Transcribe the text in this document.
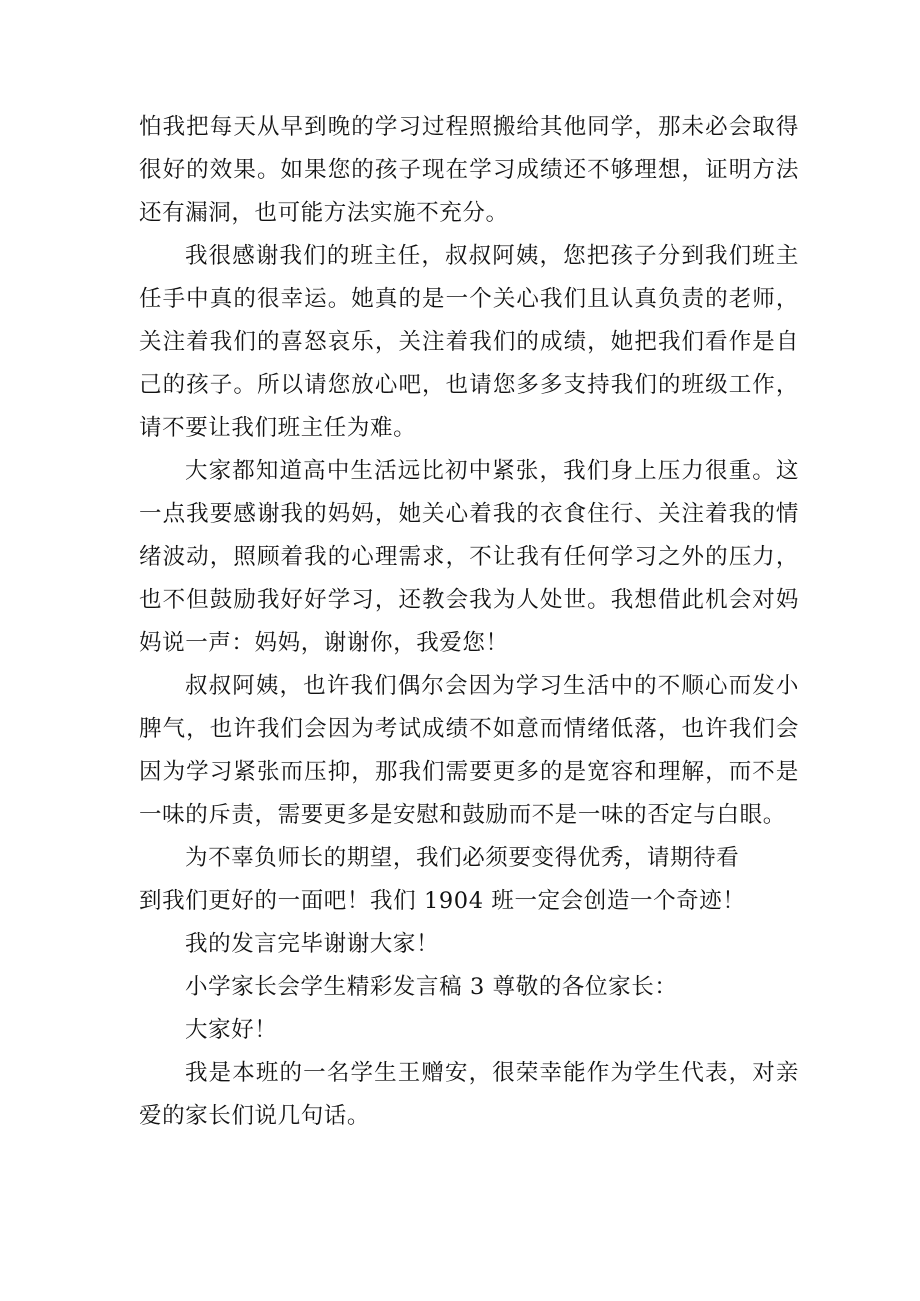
怕我把每天从早到晚的学习过程照搬给其他同学，那未必会取得很好的效果。如果您的孩子现在学习成绩还不够理想，证明方法还有漏洞，也可能方法实施不充分。

我很感谢我们的班主任，叔叔阿姨，您把孩子分到我们班主任手中真的很幸运。她真的是一个关心我们且认真负责的老师，关注着我们的喜怒哀乐，关注着我们的成绩，她把我们看作是自己的孩子。所以请您放心吧，也请您多多支持我们的班级工作，请不要让我们班主任为难。

大家都知道高中生活远比初中紧张，我们身上压力很重。这一点我要感谢我的妈妈，她关心着我的衣食住行、关注着我的情绪波动，照顾着我的心理需求，不让我有任何学习之外的压力，也不但鼓励我好好学习，还教会我为人处世。我想借此机会对妈妈说一声：妈妈，谢谢你，我爱您！

叔叔阿姨，也许我们偶尔会因为学习生活中的不顺心而发小脾气，也许我们会因为考试成绩不如意而情绪低落，也许我们会因为学习紧张而压抑，那我们需要更多的是宽容和理解，而不是一味的斥责，需要更多是安慰和鼓励而不是一味的否定与白眼。

为不辜负师长的期望，我们必须要变得优秀，请期待看

到我们更好的一面吧！我们 1904 班一定会创造一个奇迹！

我的发言完毕谢谢大家！

小学家长会学生精彩发言稿 3 尊敬的各位家长：

大家好！

我是本班的一名学生王赠安，很荣幸能作为学生代表，对亲爱的家长们说几句话。
